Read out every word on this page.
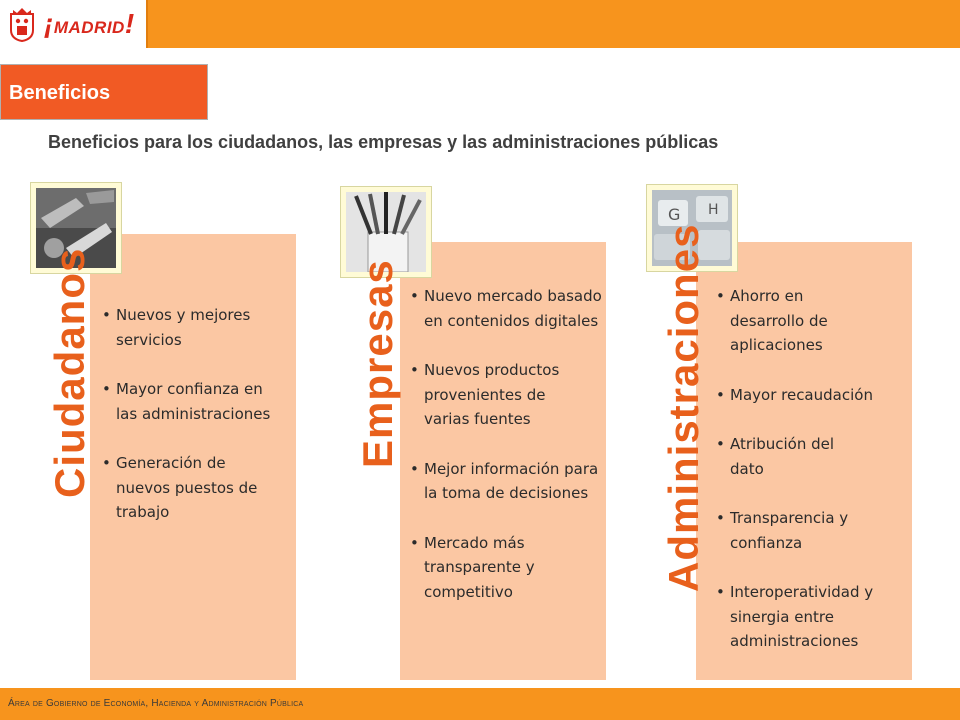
¡MADRID!
Beneficios
Beneficios para los ciudadanos, las empresas y las administraciones públicas
Ciudadanos	• Nuevos y mejores servicios
• Mayor confianza en las administraciones
• Generación de nuevos puestos de trabajo
Empresas	• Nuevo mercado basado en contenidos digitales
• Nuevos productos provenientes de varias fuentes
• Mejor información para la toma de decisiones
• Mercado más transparente y competitivo
G H
Administraciones	• Ahorro en desarrollo de aplicaciones
• Mayor recaudación
• Atribución del dato
• Transparencia y confianza
• Interoperatividad y sinergia entre administraciones
Área de Gobierno de Economía, Hacienda y Administración Pública
